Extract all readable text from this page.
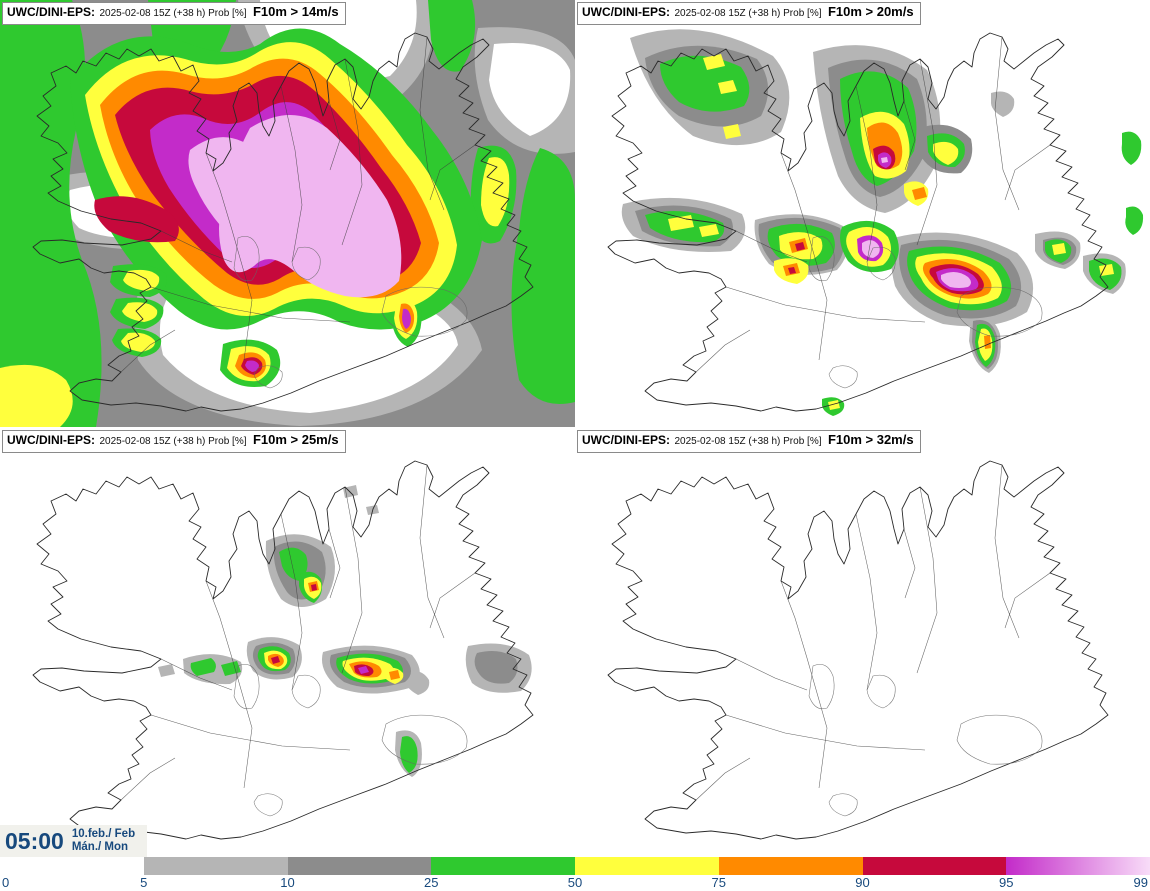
UWC/DINI-EPS: 2025-02-08 15Z (+38 h) Prob [%] F10m > 14m/s	UWC/DINI-EPS: 2025-02-08 15Z (+38 h) Prob [%] F10m > 20m/s
UWC/DINI-EPS: 2025-02-08 15Z (+38 h) Prob [%] F10m > 25m/s	UWC/DINI-EPS: 2025-02-08 15Z (+38 h) Prob [%] F10m > 32m/s
05:00 10.feb./ Feb
Mán./ Mon
0	5	10	25	50	75	90	95	99
